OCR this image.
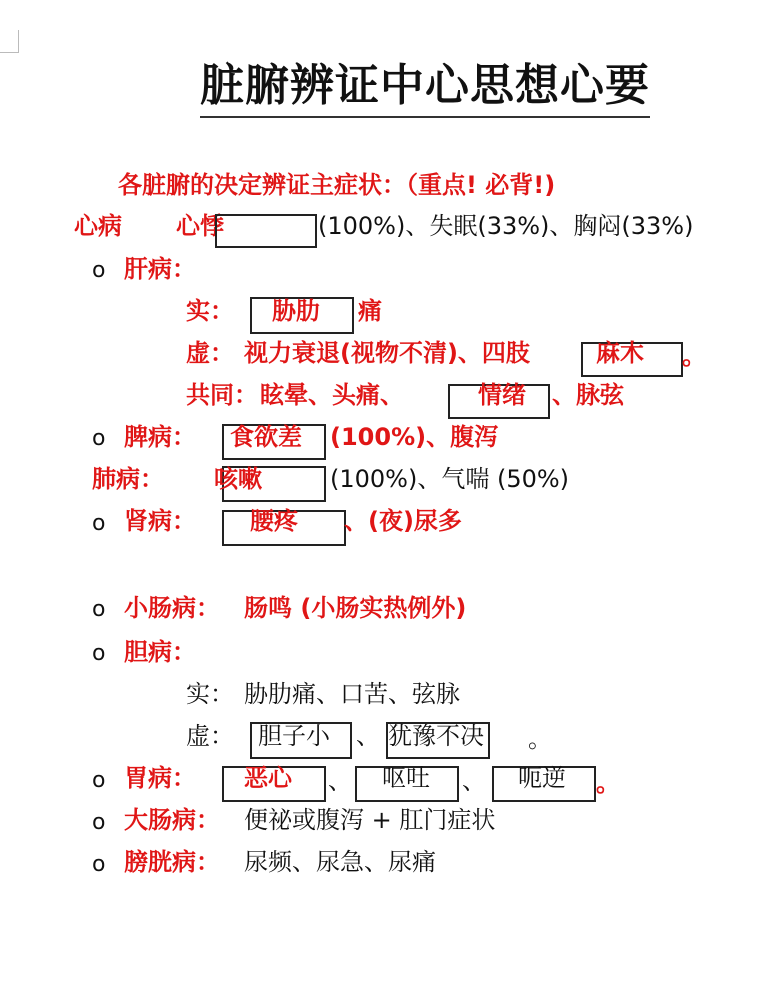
脏腑辨证中心思想心要
各脏腑的决定辨证主症状：（重点! 必背!)
心病 心悸	(100%)、失眠(33%)、胸闷(33%)
o 肝病：
实： 胁肋 痛
虚： 视力衰退(视物不清)、四肢	麻木 。
共同： 眩晕、头痛、	情绪 、脉弦
o 脾病： 食欲差 (100%)、腹泻
肺病： 咳嗽	(100%)、气喘 (50%)
o 肾病： 腰疼 、(夜)尿多
o 小肠病： 肠鸣 (小肠实热例外)
o 胆病：
实： 胁肋痛、口苦、弦脉
虚： 胆子小 、 犹豫不决 。
o 胃病： 恶心 、 呕吐 、 呃逆 。
o 大肠病： 便祕或腹泻 + 肛门症状
o 膀胱病： 尿频、尿急、尿痛
